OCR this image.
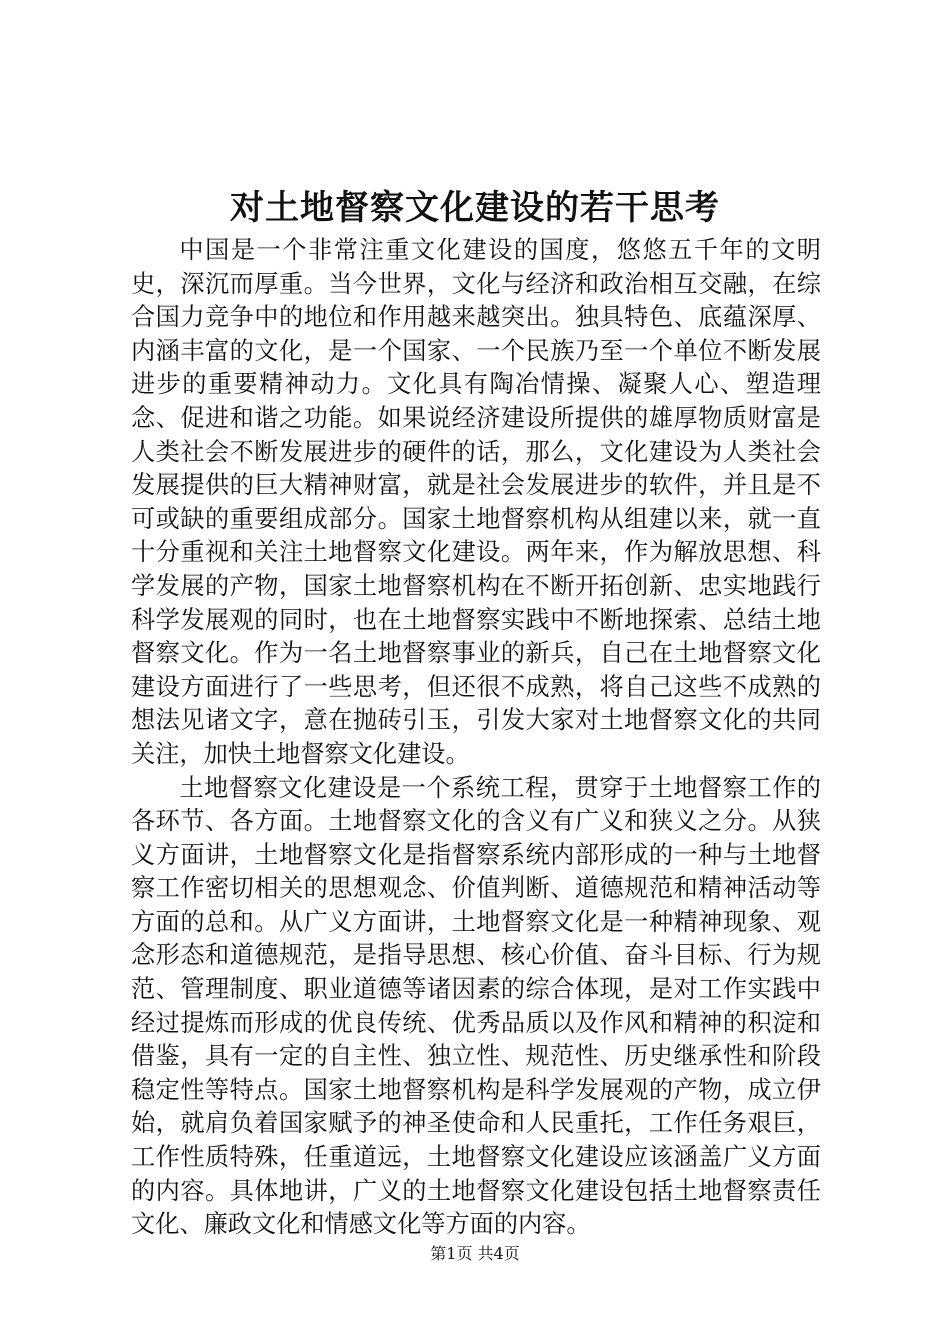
对土地督察文化建设的若干思考

中国是一个非常注重文化建设的国度，悠悠五千年的文明史，深沉而厚重。当今世界，文化与经济和政治相互交融，在综合国力竞争中的地位和作用越来越突出。独具特色、底蕴深厚、内涵丰富的文化，是一个国家、一个民族乃至一个单位不断发展进步的重要精神动力。文化具有陶冶情操、凝聚人心、塑造理念、促进和谐之功能。如果说经济建设所提供的雄厚物质财富是人类社会不断发展进步的硬件的话，那么，文化建设为人类社会发展提供的巨大精神财富，就是社会发展进步的软件，并且是不可或缺的重要组成部分。国家土地督察机构从组建以来，就一直十分重视和关注土地督察文化建设。两年来，作为解放思想、科学发展的产物，国家土地督察机构在不断开拓创新、忠实地践行科学发展观的同时，也在土地督察实践中不断地探索、总结土地督察文化。作为一名土地督察事业的新兵，自己在土地督察文化建设方面进行了一些思考，但还很不成熟，将自己这些不成熟的想法见诸文字，意在抛砖引玉，引发大家对土地督察文化的共同关注，加快土地督察文化建设。

土地督察文化建设是一个系统工程，贯穿于土地督察工作的各环节、各方面。土地督察文化的含义有广义和狭义之分。从狭义方面讲，土地督察文化是指督察系统内部形成的一种与土地督察工作密切相关的思想观念、价值判断、道德规范和精神活动等方面的总和。从广义方面讲，土地督察文化是一种精神现象、观念形态和道德规范，是指导思想、核心价值、奋斗目标、行为规范、管理制度、职业道德等诸因素的综合体现，是对工作实践中经过提炼而形成的优良传统、优秀品质以及作风和精神的积淀和借鉴，具有一定的自主性、独立性、规范性、历史继承性和阶段稳定性等特点。国家土地督察机构是科学发展观的产物，成立伊始，就肩负着国家赋予的神圣使命和人民重托，工作任务艰巨，工作性质特殊，任重道远，土地督察文化建设应该涵盖广义方面的内容。具体地讲，广义的土地督察文化建设包括土地督察责任文化、廉政文化和情感文化等方面的内容。

第1页 共4页
